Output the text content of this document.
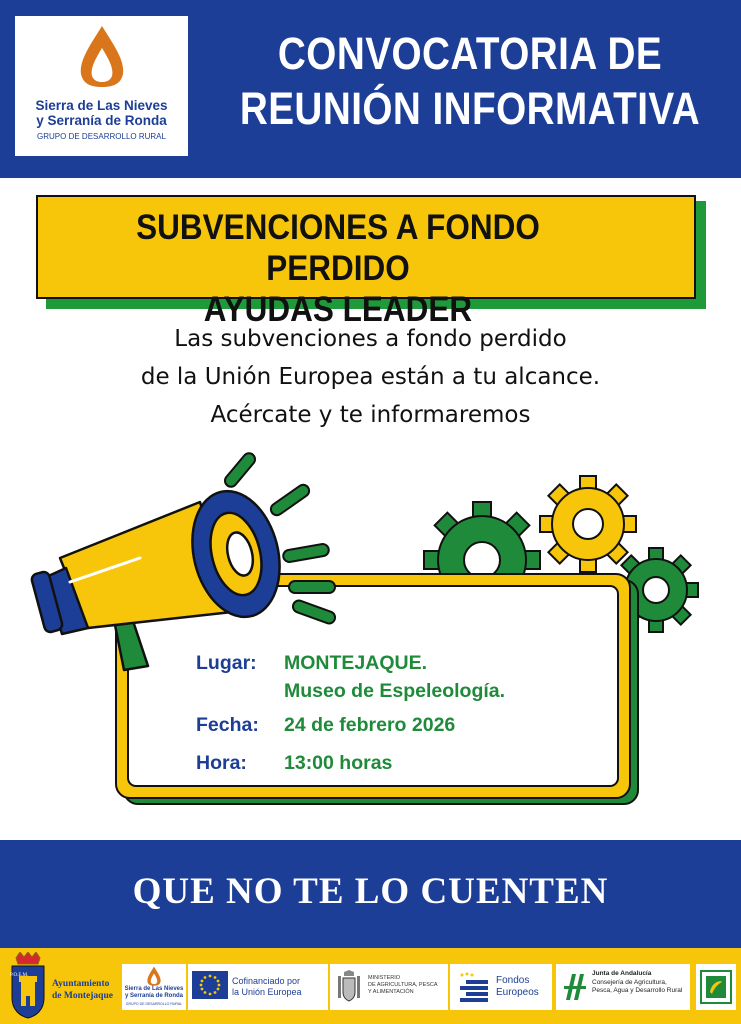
Sierra de Las Nieves
y Serranía de Ronda
GRUPO DE DESARROLLO RURAL
CONVOCATORIA DE
REUNIÓN INFORMATIVA
SUBVENCIONES A FONDO PERDIDO
AYUDAS LEADER
Las subvenciones a fondo perdido
de la Unión Europea están a tu alcance.
Acércate y te informaremos
Lugar: MONTEJAQUE.
Museo de Espeleología.
Fecha: 24 de febrero 2026
Hora: 13:00 horas
QUE NO TE LO CUENTEN
P.O.E.M.
Ayuntamiento
de Montejaque
Sierra de Las Nieves
y Serranía de Ronda
GRUPO DE DESARROLLO RURAL
Cofinanciado por
la Unión Europea
MINISTERIO
DE AGRICULTURA, PESCA
Y ALIMENTACIÓN
Fondos
Europeos
Junta de Andalucía
Consejería de Agricultura,
Pesca, Agua y Desarrollo Rural
